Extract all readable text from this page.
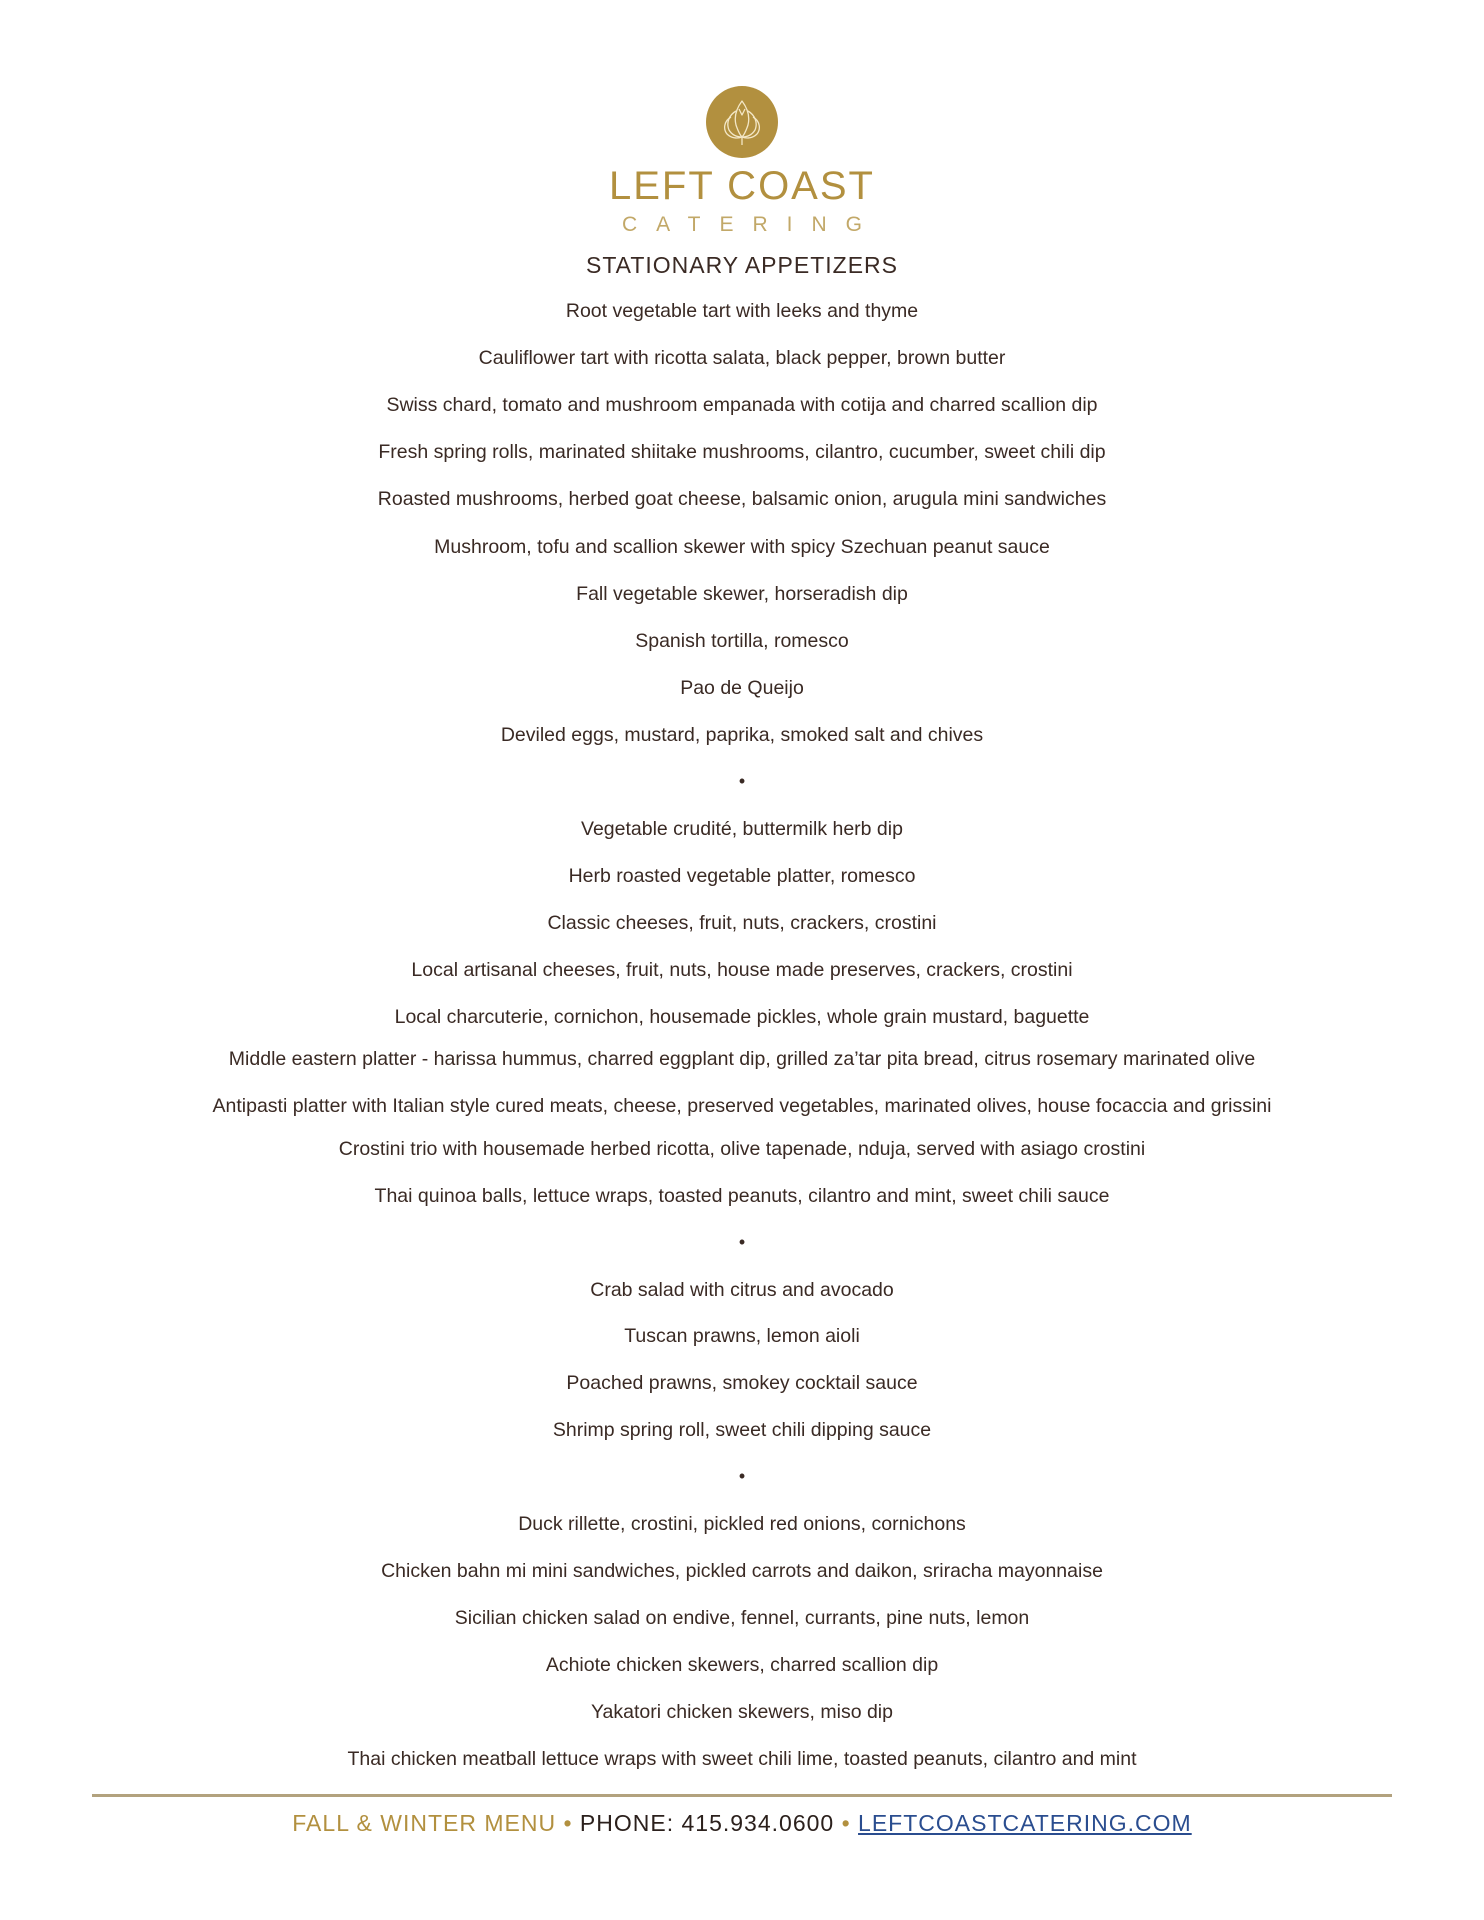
LEFT COAST
CATERING
STATIONARY APPETIZERS
Root vegetable tart with leeks and thyme
Cauliflower tart with ricotta salata, black pepper, brown butter
Swiss chard, tomato and mushroom empanada with cotija and charred scallion dip
Fresh spring rolls, marinated shiitake mushrooms, cilantro, cucumber, sweet chili dip
Roasted mushrooms, herbed goat cheese, balsamic onion, arugula mini sandwiches
Mushroom, tofu and scallion skewer with spicy Szechuan peanut sauce
Fall vegetable skewer, horseradish dip
Spanish tortilla, romesco
Pao de Queijo
Deviled eggs, mustard, paprika, smoked salt and chives
•
Vegetable crudité, buttermilk herb dip
Herb roasted vegetable platter, romesco
Classic cheeses, fruit, nuts, crackers, crostini
Local artisanal cheeses, fruit, nuts, house made preserves, crackers, crostini
Local charcuterie, cornichon, housemade pickles, whole grain mustard, baguette
Middle eastern platter - harissa hummus, charred eggplant dip, grilled za’tar pita bread, citrus rosemary marinated olive
Antipasti platter with Italian style cured meats, cheese, preserved vegetables, marinated olives, house focaccia and grissini
Crostini trio with housemade herbed ricotta, olive tapenade, nduja, served with asiago crostini
Thai quinoa balls, lettuce wraps, toasted peanuts, cilantro and mint, sweet chili sauce
•
Crab salad with citrus and avocado
Tuscan prawns, lemon aioli
Poached prawns, smokey cocktail sauce
Shrimp spring roll, sweet chili dipping sauce
•
Duck rillette, crostini, pickled red onions, cornichons
Chicken bahn mi mini sandwiches, pickled carrots and daikon, sriracha mayonnaise
Sicilian chicken salad on endive, fennel, currants, pine nuts, lemon
Achiote chicken skewers, charred scallion dip
Yakatori chicken skewers, miso dip
Thai chicken meatball lettuce wraps with sweet chili lime, toasted peanuts, cilantro and mint
FALL & WINTER MENU • PHONE: 415.934.0600 • LEFTCOASTCATERING.COM
